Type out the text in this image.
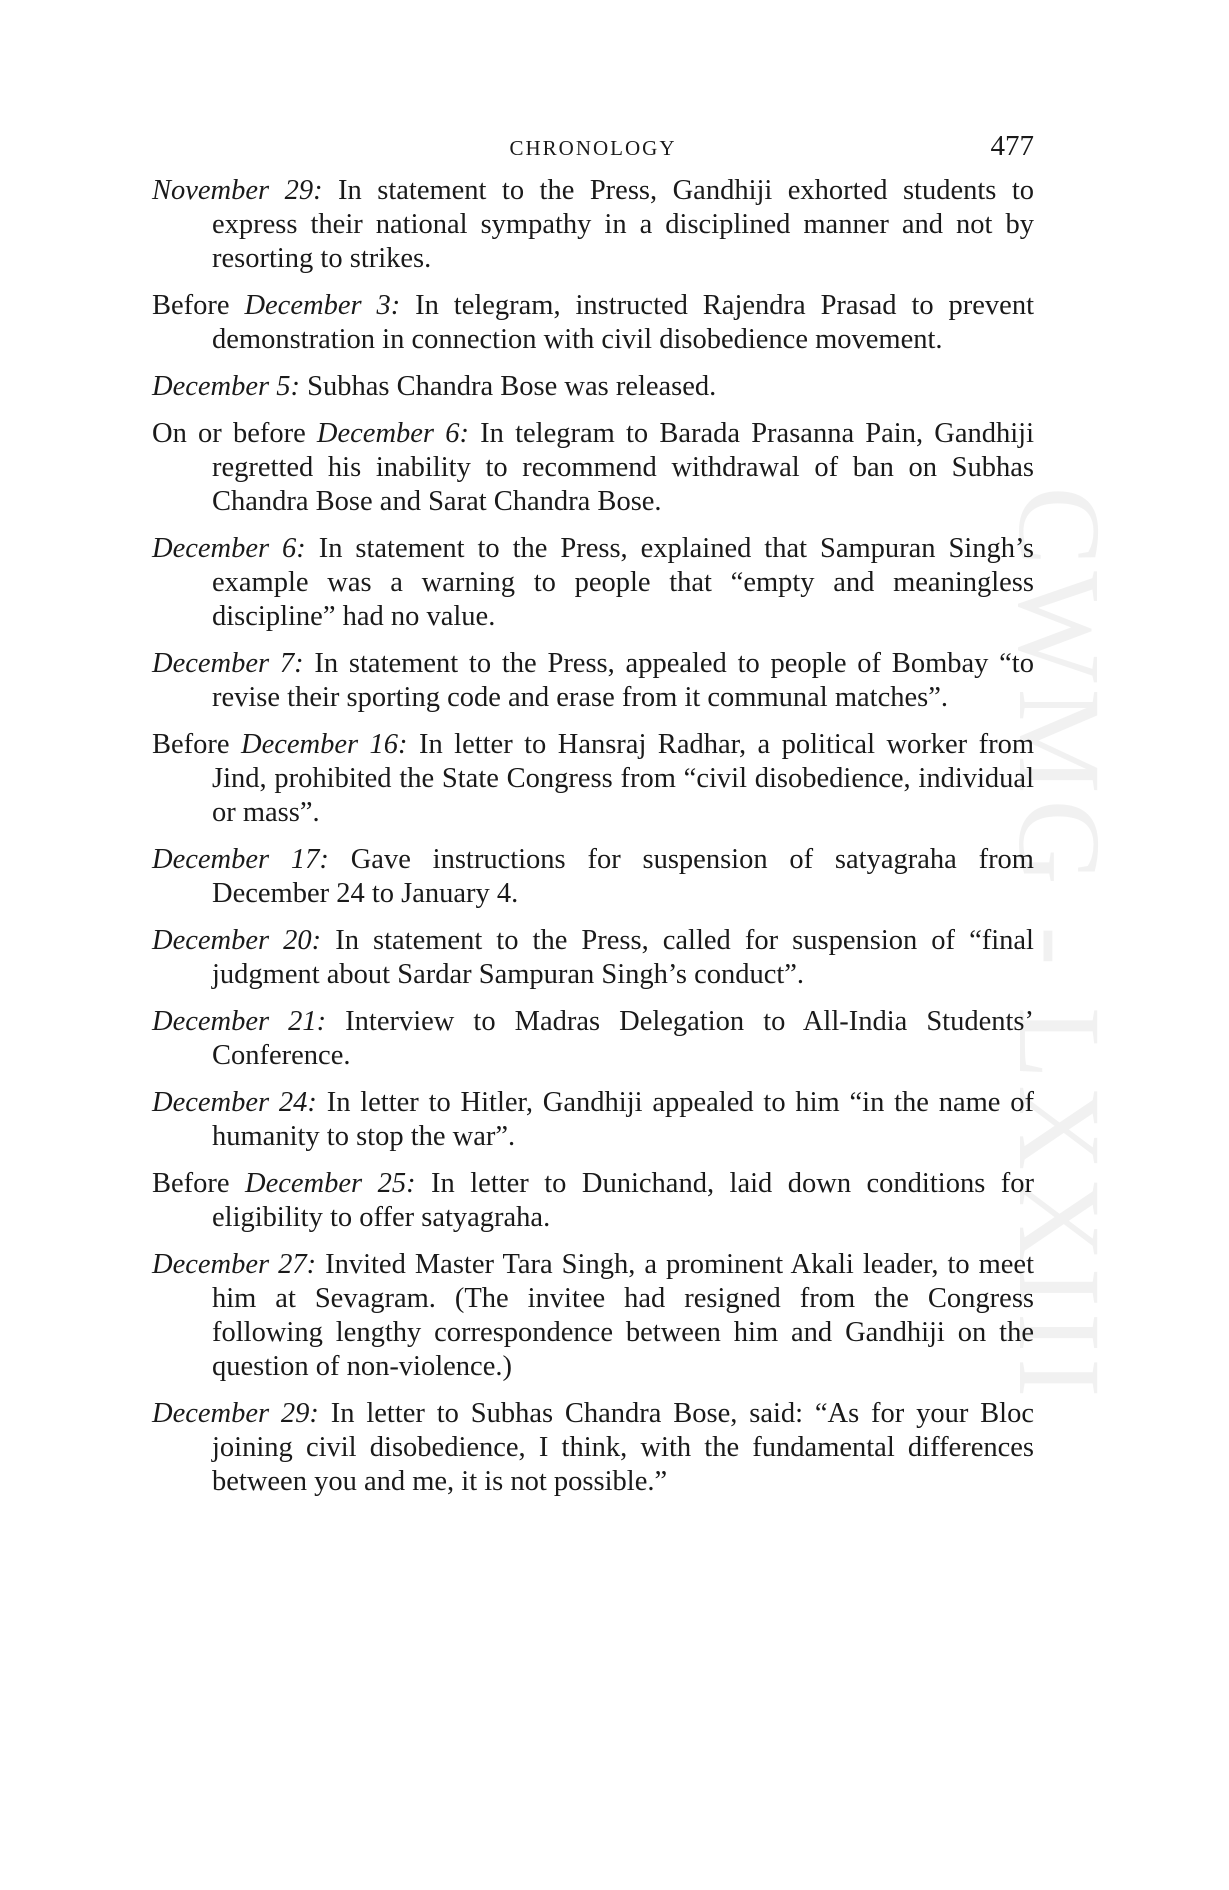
CWMG - LXXIII
CHRONOLOGY	477

November 29: In statement to the Press, Gandhiji exhorted students to express their national sympathy in a disciplined manner and not by resorting to strikes.

Before December 3: In telegram, instructed Rajendra Prasad to prevent demonstration in connection with civil disobedience movement.

December 5: Subhas Chandra Bose was released.

On or before December 6: In telegram to Barada Prasanna Pain, Gandhiji regretted his inability to recommend withdrawal of ban on Subhas Chandra Bose and Sarat Chandra Bose.

December 6: In statement to the Press, explained that Sampuran Singh’s example was a warning to people that “empty and meaningless discipline” had no value.

December 7: In statement to the Press, appealed to people of Bombay “to revise their sporting code and erase from it communal matches”.

Before December 16: In letter to Hansraj Radhar, a political worker from Jind, prohibited the State Congress from “civil disobedience, individual or mass”.

December 17: Gave instructions for suspension of satyagraha from December 24 to January 4.

December 20: In statement to the Press, called for suspension of “final judgment about Sardar Sampuran Singh’s conduct”.

December 21: Interview to Madras Delegation to All-India Students’ Conference.

December 24: In letter to Hitler, Gandhiji appealed to him “in the name of humanity to stop the war”.

Before December 25: In letter to Dunichand, laid down conditions for eligibility to offer satyagraha.

December 27: Invited Master Tara Singh, a prominent Akali leader, to meet him at Sevagram. (The invitee had resigned from the Congress following lengthy correspondence between him and Gandhiji on the question of non-violence.)

December 29: In letter to Subhas Chandra Bose, said: “As for your Bloc joining civil disobedience, I think, with the fundamental differences between you and me, it is not possible.”
